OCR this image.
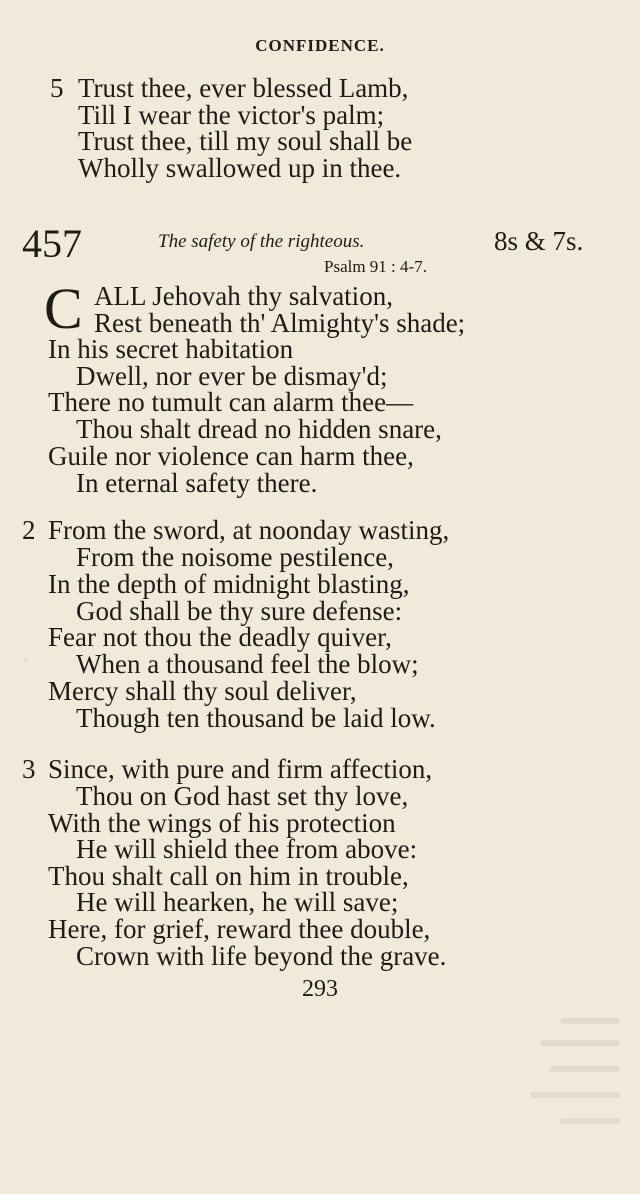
CONFIDENCE.
5 Trust thee, ever blessed Lamb,
Till I wear the victor's palm;
Trust thee, till my soul shall be
Wholly swallowed up in thee.
457	The safety of the righteous.	8s & 7s.
Psalm 91 : 4-7.
C ALL Jehovah thy salvation,
Rest beneath th' Almighty's shade;
In his secret habitation
Dwell, nor ever be dismay'd;
There no tumult can alarm thee—
Thou shalt dread no hidden snare,
Guile nor violence can harm thee,
In eternal safety there.
2 From the sword, at noonday wasting,
From the noisome pestilence,
In the depth of midnight blasting,
God shall be thy sure defense:
Fear not thou the deadly quiver,
When a thousand feel the blow;
Mercy shall thy soul deliver,
Though ten thousand be laid low.
3 Since, with pure and firm affection,
Thou on God hast set thy love,
With the wings of his protection
He will shield thee from above:
Thou shalt call on him in trouble,
He will hearken, he will save;
Here, for grief, reward thee double,
Crown with life beyond the grave.
293
